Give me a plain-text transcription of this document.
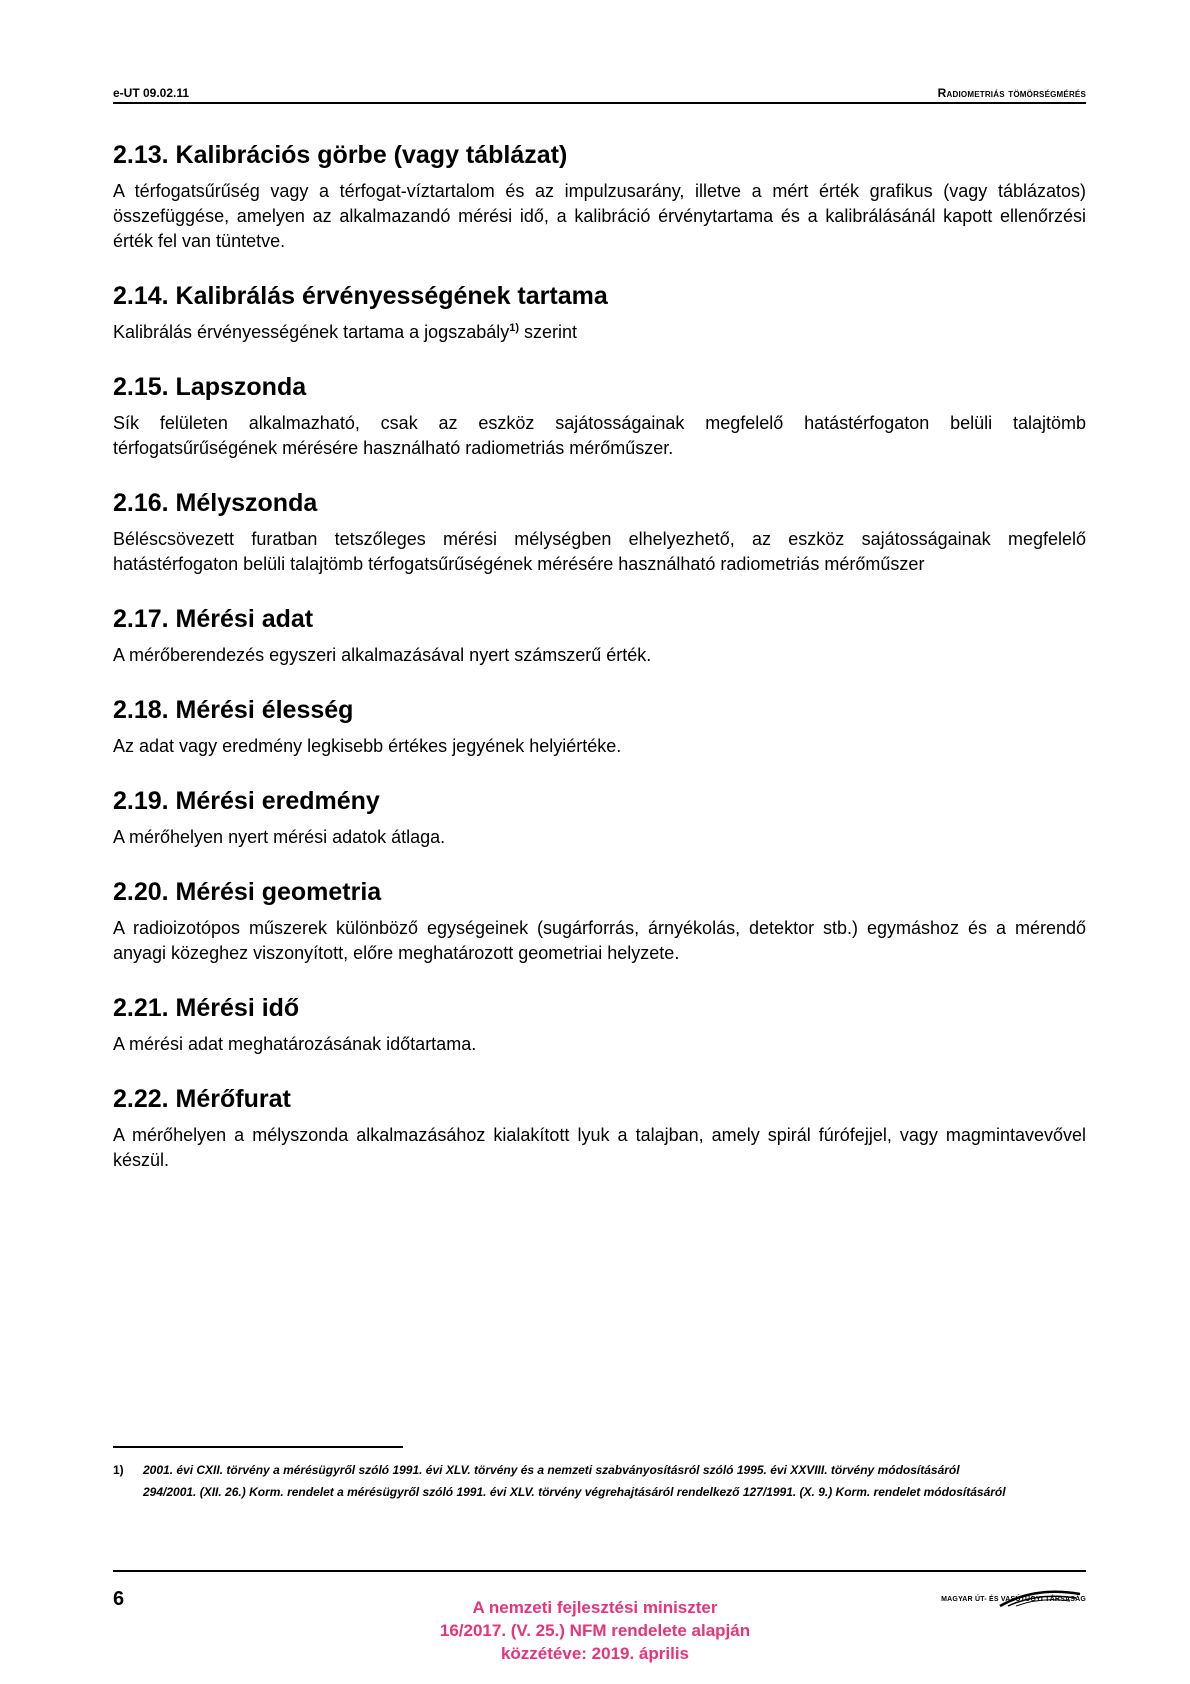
e-UT 09.02.11	Radiometriás tömörségmérés
2.13. Kalibrációs görbe (vagy táblázat)

A térfogatsűrűség vagy a térfogat-víztartalom és az impulzusarány, illetve a mért érték grafikus (vagy táblázatos) összefüggése, amelyen az alkalmazandó mérési idő, a kalibráció érvénytartama és a kalibrálásánál kapott ellenőrzési érték fel van tüntetve.

2.14. Kalibrálás érvényességének tartama

Kalibrálás érvényességének tartama a jogszabály$^{1)}$ szerint

2.15. Lapszonda

Sík felületen alkalmazható, csak az eszköz sajátosságainak megfelelő hatástérfogaton belüli talajtömb térfogatsűrűségének mérésére használható radiometriás mérőműszer.

2.16. Mélyszonda

Béléscsövezett furatban tetszőleges mérési mélységben elhelyezhető, az eszköz sajátosságainak megfelelő hatástérfogaton belüli talajtömb térfogatsűrűségének mérésére használható radiometriás mérőműszer

2.17. Mérési adat

A mérőberendezés egyszeri alkalmazásával nyert számszerű érték.

2.18. Mérési élesség

Az adat vagy eredmény legkisebb értékes jegyének helyiértéke.

2.19. Mérési eredmény

A mérőhelyen nyert mérési adatok átlaga.

2.20. Mérési geometria

A radioizotópos műszerek különböző egységeinek (sugárforrás, árnyékolás, detektor stb.) egymáshoz és a mérendő anyagi közeghez viszonyított, előre meghatározott geometriai helyzete.

2.21. Mérési idő

A mérési adat meghatározásának időtartama.

2.22. Mérőfurat

A mérőhelyen a mélyszonda alkalmazásához kialakított lyuk a talajban, amely spirál fúrófejjel, vagy magmintavevővel készül.

1) 2001. évi CXII. törvény a mérésügyről szóló 1991. évi XLV. törvény és a nemzeti szabványosításról szóló 1995. évi XXVIII. törvény módosításáról
294/2001. (XII. 26.) Korm. rendelet a mérésügyről szóló 1991. évi XLV. törvény végrehajtásáról rendelkező 127/1991. (X. 9.) Korm. rendelet módosításáról
6	A nemzeti fejlesztési miniszter
16/2017. (V. 25.) NFM rendelete alapján
közzétéve: 2019. április
MAGYAR ÚT- ÉS VASÚTÜGYI TÁRSASÁG
